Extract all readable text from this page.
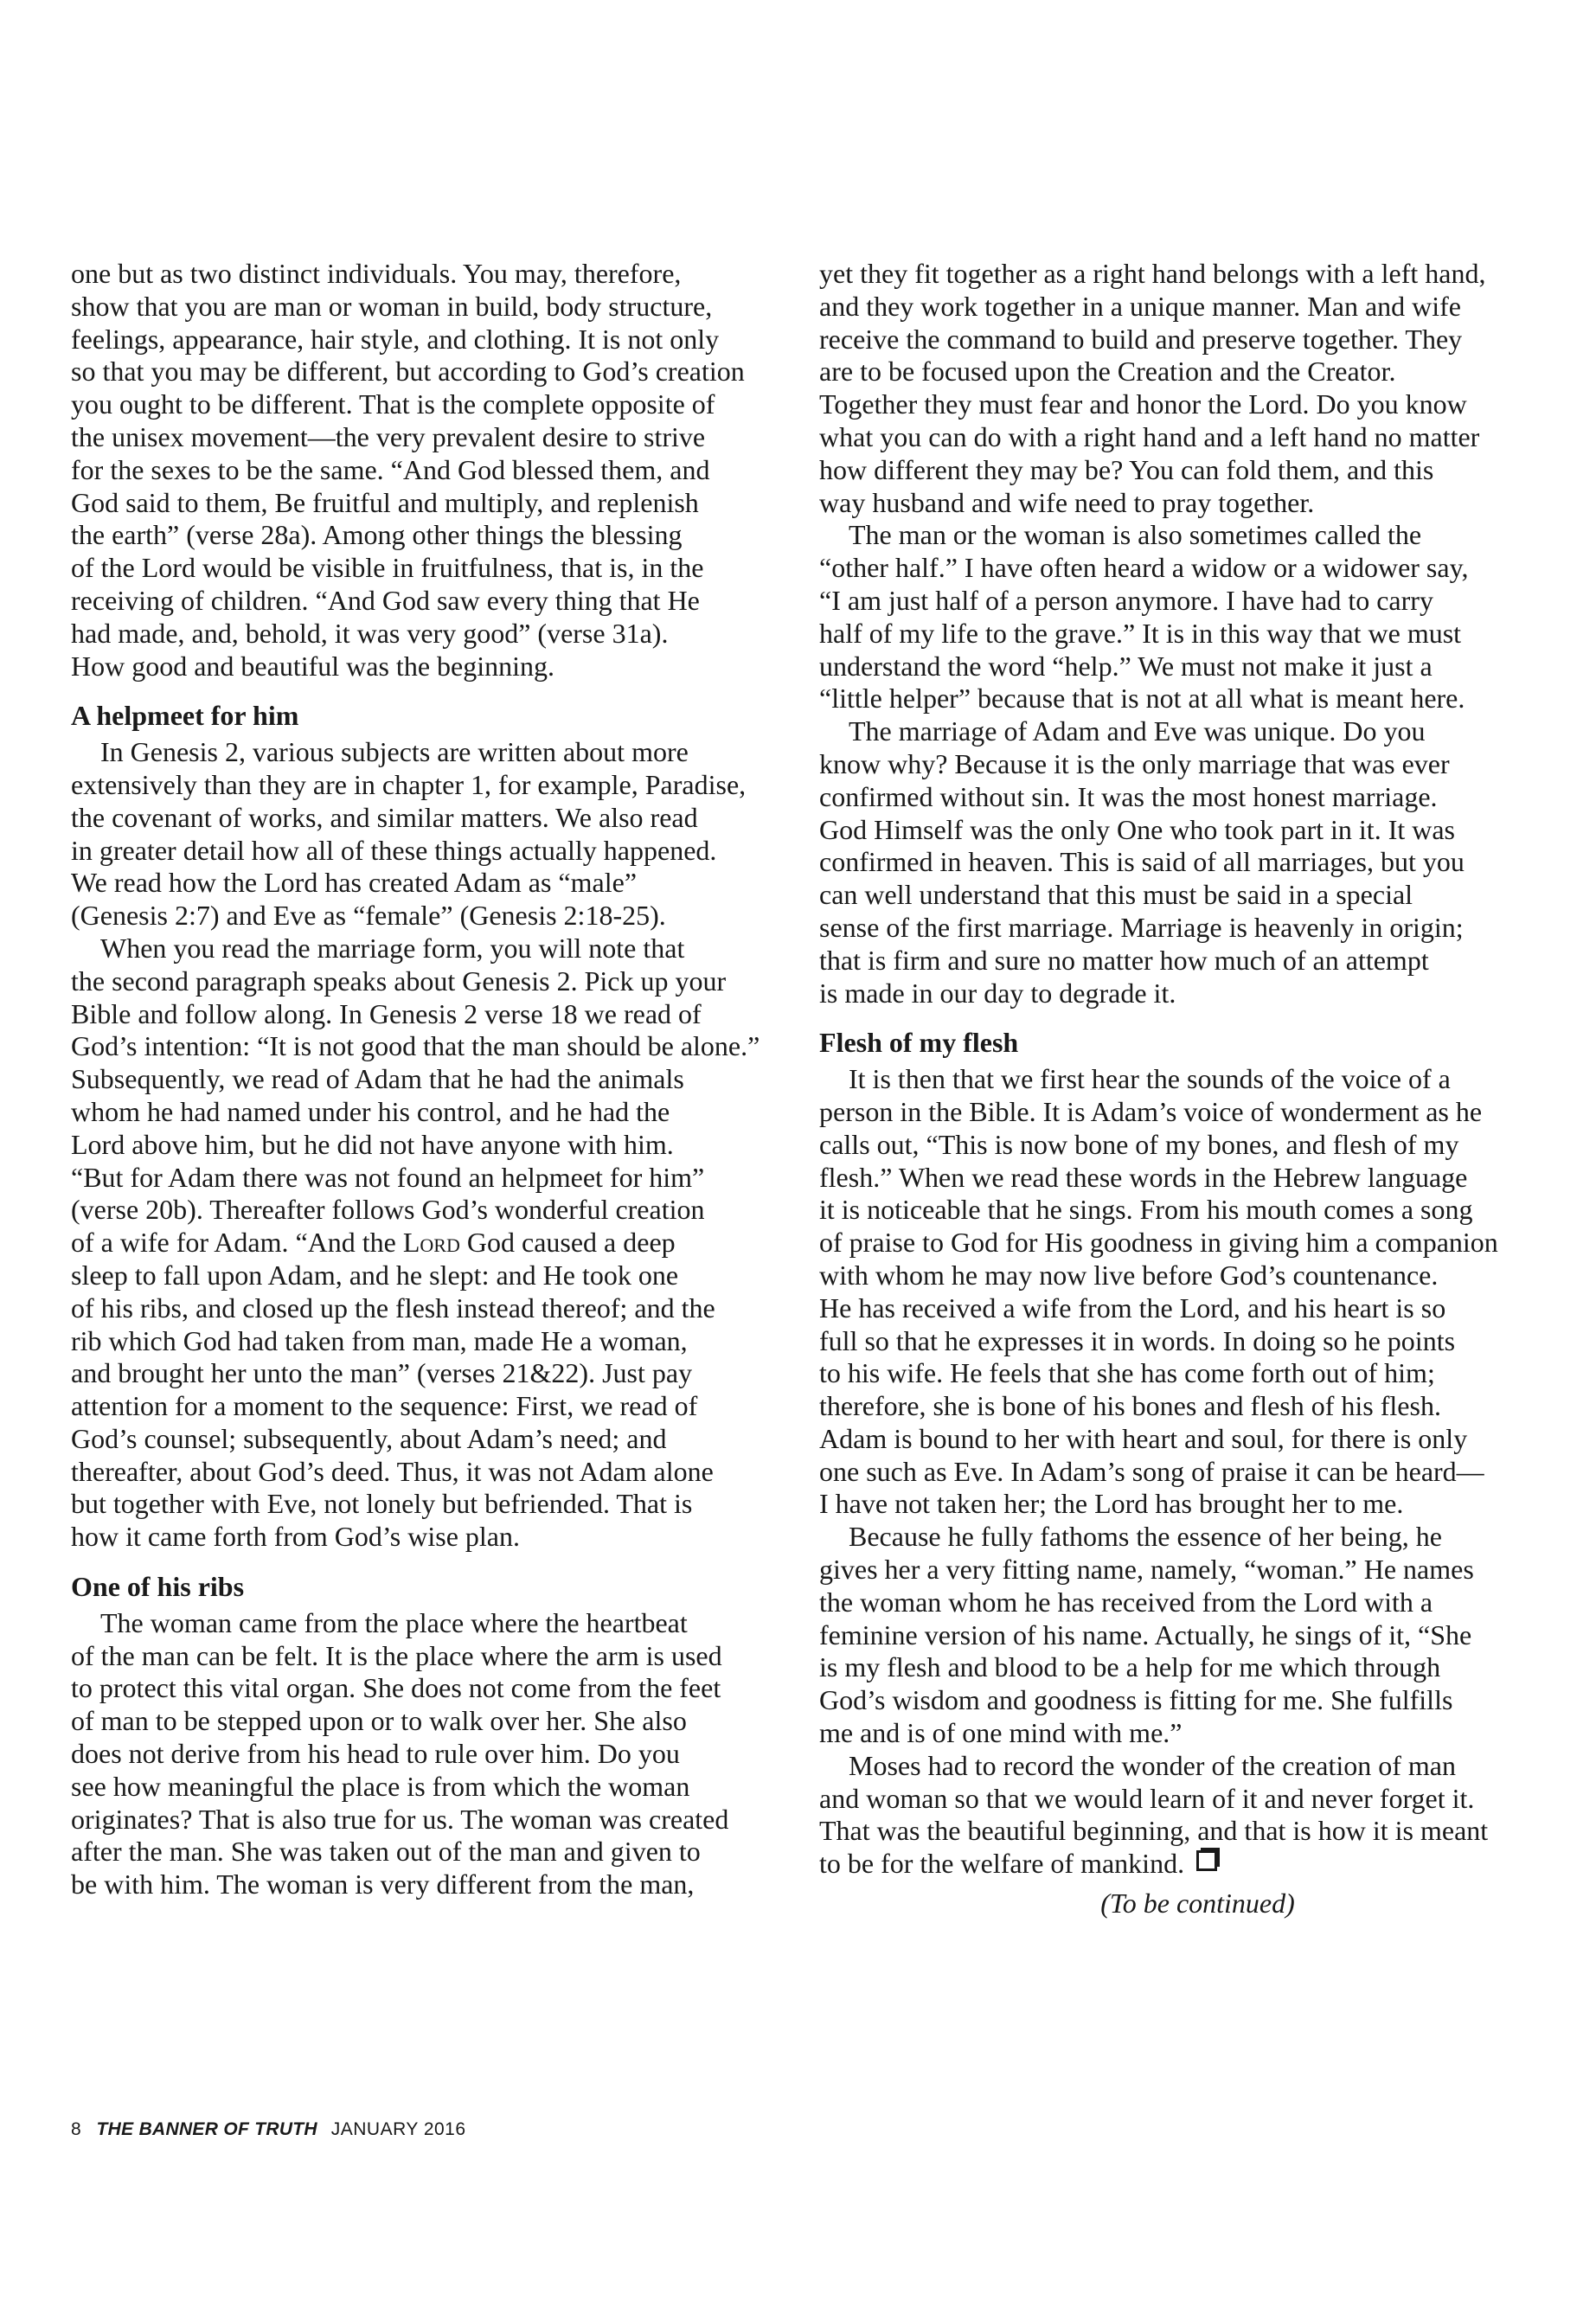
one but as two distinct individuals. You may, therefore,
show that you are man or woman in build, body structure,
feelings, appearance, hair style, and clothing. It is not only
so that you may be different, but according to God’s creation
you ought to be different. That is the complete opposite of
the unisex movement—the very prevalent desire to strive
for the sexes to be the same. “And God blessed them, and
God said to them, Be fruitful and multiply, and replenish
the earth” (verse 28a). Among other things the blessing
of the Lord would be visible in fruitfulness, that is, in the
receiving of children. “And God saw every thing that He
had made, and, behold, it was very good” (verse 31a).
How good and beautiful was the beginning.
A helpmeet for him
In Genesis 2, various subjects are written about more
extensively than they are in chapter 1, for example, Paradise,
the covenant of works, and similar matters. We also read
in greater detail how all of these things actually happened.
We read how the Lord has created Adam as “male”
(Genesis 2:7) and Eve as “female” (Genesis 2:18-25).
When you read the marriage form, you will note that
the second paragraph speaks about Genesis 2. Pick up your
Bible and follow along. In Genesis 2 verse 18 we read of
God’s intention: “It is not good that the man should be alone.”
Subsequently, we read of Adam that he had the animals
whom he had named under his control, and he had the
Lord above him, but he did not have anyone with him.
“But for Adam there was not found an helpmeet for him”
(verse 20b). Thereafter follows God’s wonderful creation
of a wife for Adam. “And the Lord God caused a deep
sleep to fall upon Adam, and he slept: and He took one
of his ribs, and closed up the flesh instead thereof; and the
rib which God had taken from man, made He a woman,
and brought her unto the man” (verses 21&22). Just pay
attention for a moment to the sequence: First, we read of
God’s counsel; subsequently, about Adam’s need; and
thereafter, about God’s deed. Thus, it was not Adam alone
but together with Eve, not lonely but befriended. That is
how it came forth from God’s wise plan.
One of his ribs
The woman came from the place where the heartbeat
of the man can be felt. It is the place where the arm is used
to protect this vital organ. She does not come from the feet
of man to be stepped upon or to walk over her. She also
does not derive from his head to rule over him. Do you
see how meaningful the place is from which the woman
originates? That is also true for us. The woman was created
after the man. She was taken out of the man and given to
be with him. The woman is very different from the man,
yet they fit together as a right hand belongs with a left hand,
and they work together in a unique manner. Man and wife
receive the command to build and preserve together. They
are to be focused upon the Creation and the Creator.
Together they must fear and honor the Lord. Do you know
what you can do with a right hand and a left hand no matter
how different they may be? You can fold them, and this
way husband and wife need to pray together.
The man or the woman is also sometimes called the
“other half.” I have often heard a widow or a widower say,
“I am just half of a person anymore. I have had to carry
half of my life to the grave.” It is in this way that we must
understand the word “help.” We must not make it just a
“little helper” because that is not at all what is meant here.
The marriage of Adam and Eve was unique. Do you
know why? Because it is the only marriage that was ever
confirmed without sin. It was the most honest marriage.
God Himself was the only One who took part in it. It was
confirmed in heaven. This is said of all marriages, but you
can well understand that this must be said in a special
sense of the first marriage. Marriage is heavenly in origin;
that is firm and sure no matter how much of an attempt
is made in our day to degrade it.
Flesh of my flesh
It is then that we first hear the sounds of the voice of a
person in the Bible. It is Adam’s voice of wonderment as he
calls out, “This is now bone of my bones, and flesh of my
flesh.” When we read these words in the Hebrew language
it is noticeable that he sings. From his mouth comes a song
of praise to God for His goodness in giving him a companion
with whom he may now live before God’s countenance.
He has received a wife from the Lord, and his heart is so
full so that he expresses it in words. In doing so he points
to his wife. He feels that she has come forth out of him;
therefore, she is bone of his bones and flesh of his flesh.
Adam is bound to her with heart and soul, for there is only
one such as Eve. In Adam’s song of praise it can be heard—
I have not taken her; the Lord has brought her to me.
Because he fully fathoms the essence of her being, he
gives her a very fitting name, namely, “woman.” He names
the woman whom he has received from the Lord with a
feminine version of his name. Actually, he sings of it, “She
is my flesh and blood to be a help for me which through
God’s wisdom and goodness is fitting for me. She fulfills
me and is of one mind with me.”
Moses had to record the wonder of the creation of man
and woman so that we would learn of it and never forget it.
That was the beautiful beginning, and that is how it is meant
to be for the welfare of mankind.
(To be continued)
8 THE BANNER OF TRUTH JANUARY 2016
